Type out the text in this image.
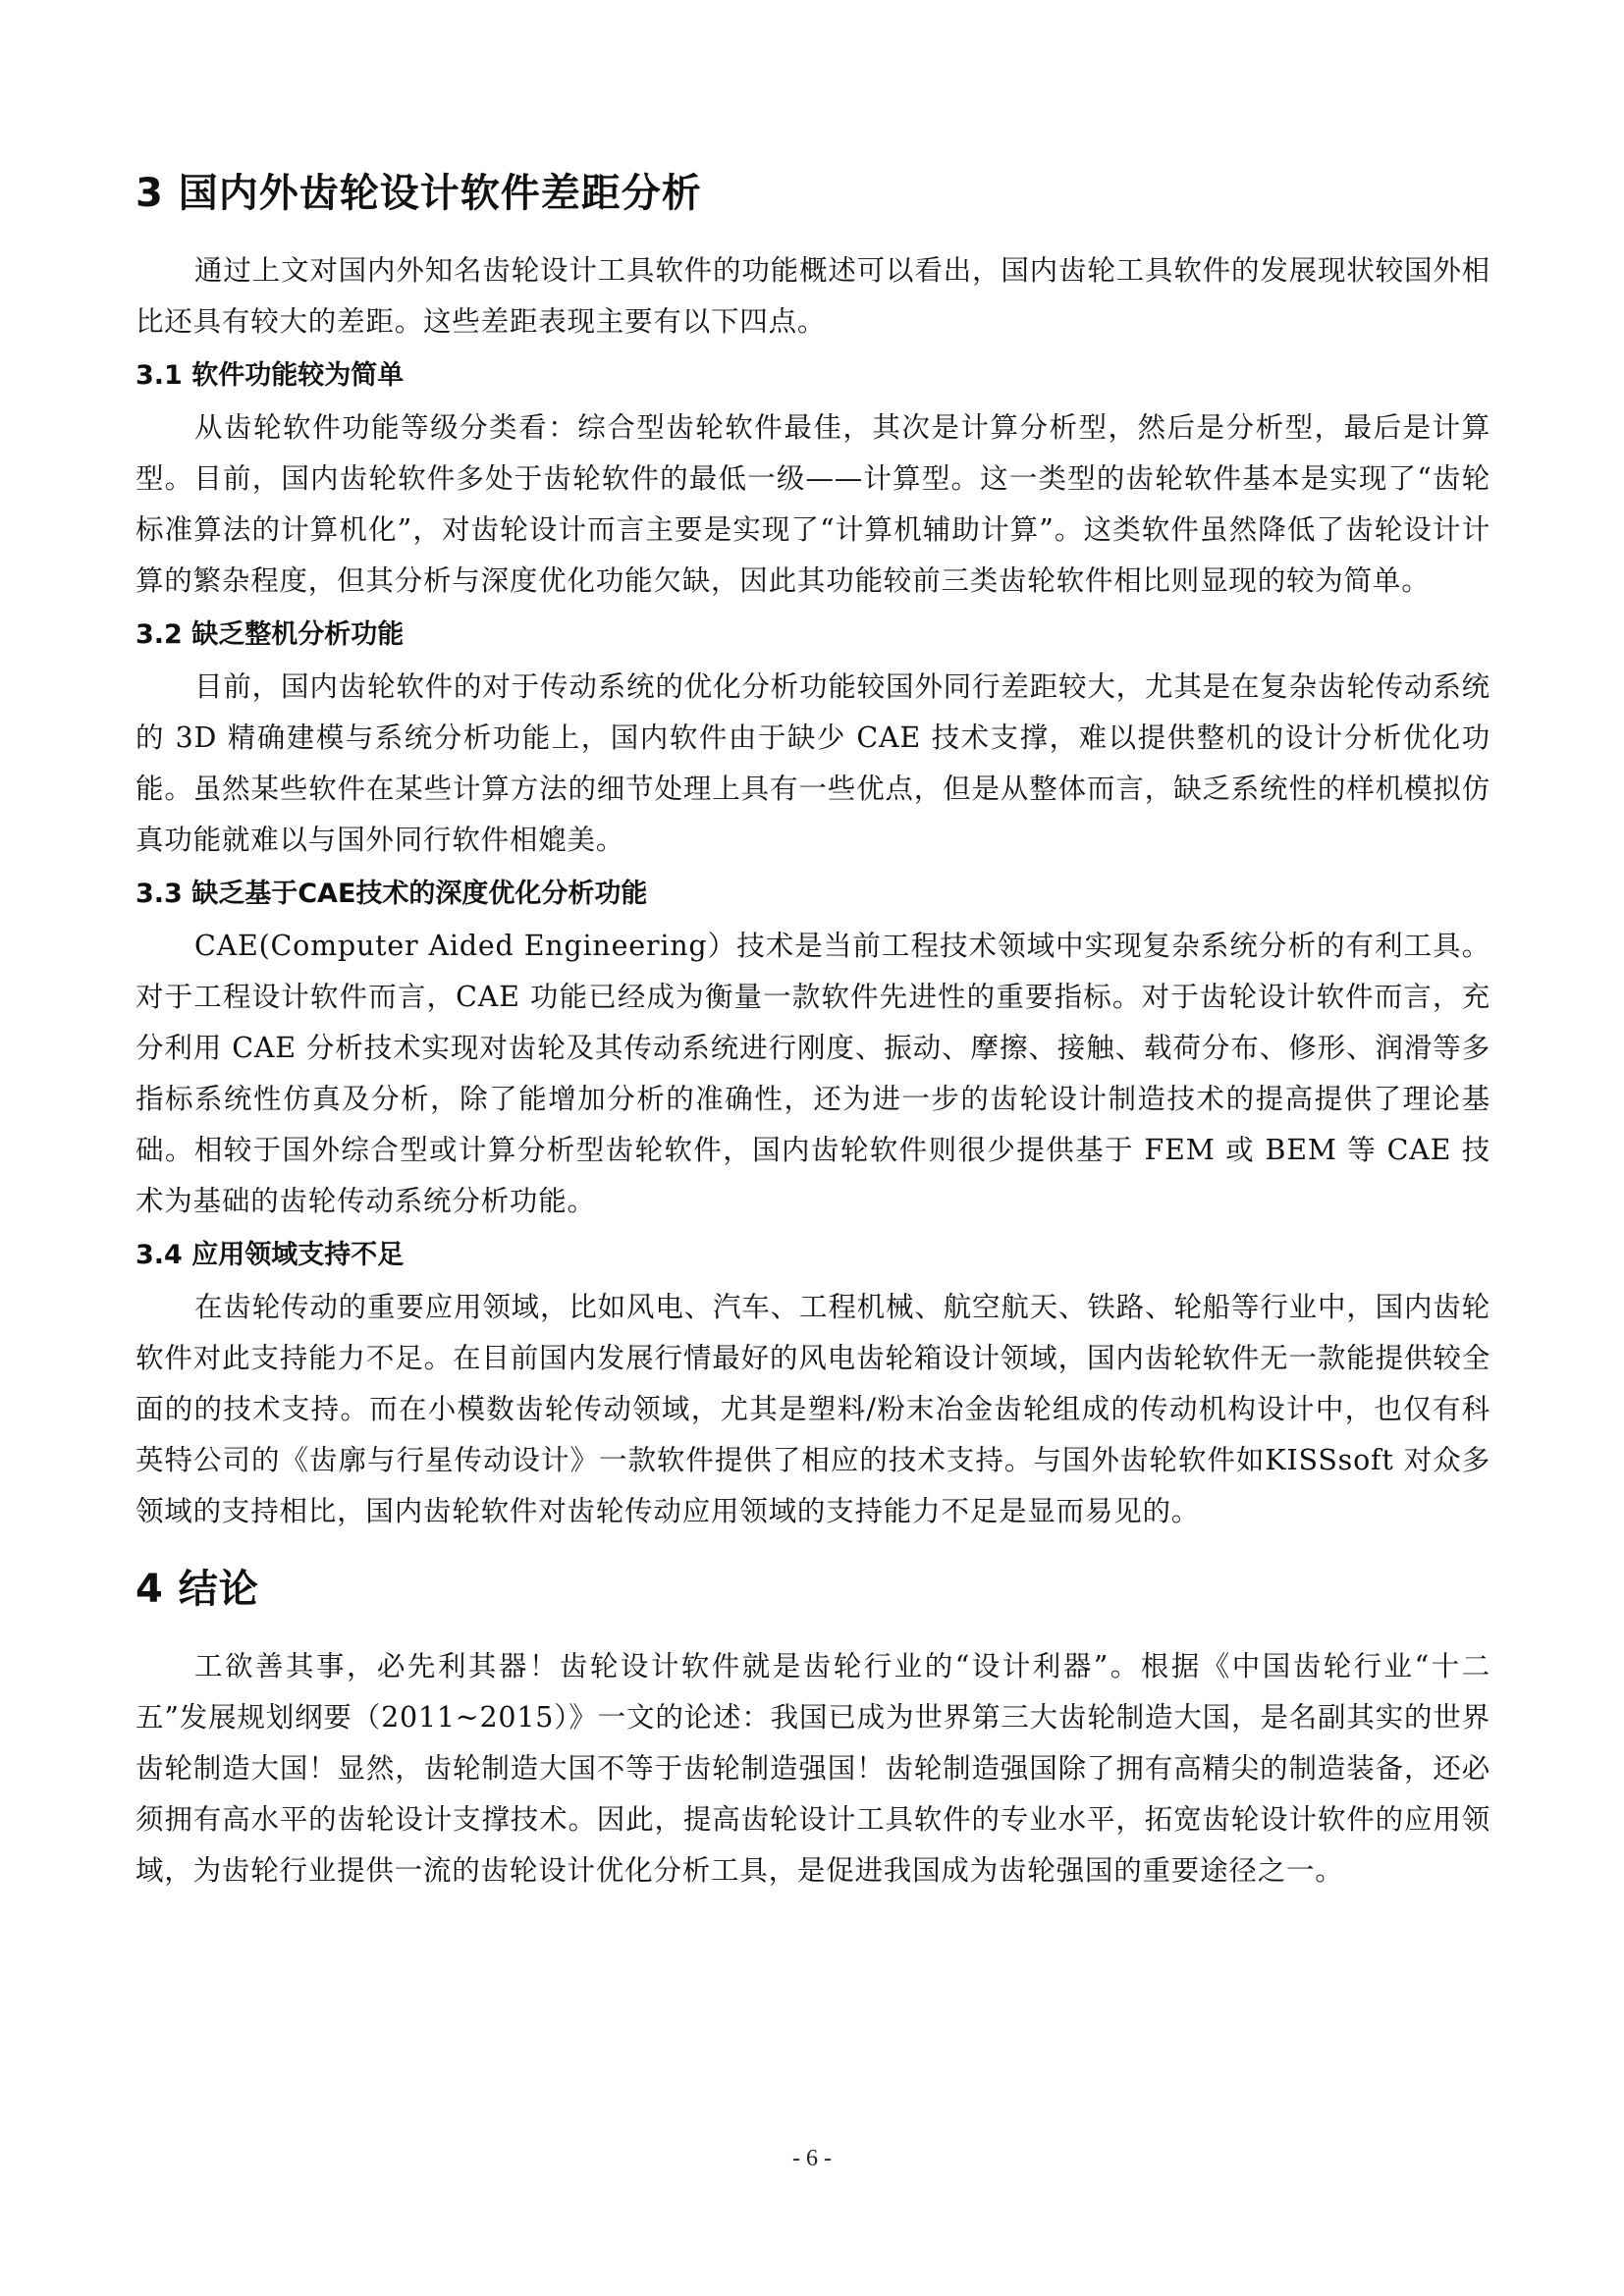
3 国内外齿轮设计软件差距分析

通过上文对国内外知名齿轮设计工具软件的功能概述可以看出，国内齿轮工具软件的发展现状较国外相比还具有较大的差距。这些差距表现主要有以下四点。

3.1 软件功能较为简单

从齿轮软件功能等级分类看：综合型齿轮软件最佳，其次是计算分析型，然后是分析型，最后是计算型。目前，国内齿轮软件多处于齿轮软件的最低一级——计算型。这一类型的齿轮软件基本是实现了“齿轮标准算法的计算机化”，对齿轮设计而言主要是实现了“计算机辅助计算”。这类软件虽然降低了齿轮设计计算的繁杂程度，但其分析与深度优化功能欠缺，因此其功能较前三类齿轮软件相比则显现的较为简单。

3.2 缺乏整机分析功能

目前，国内齿轮软件的对于传动系统的优化分析功能较国外同行差距较大，尤其是在复杂齿轮传动系统的 3D 精确建模与系统分析功能上，国内软件由于缺少 CAE 技术支撑，难以提供整机的设计分析优化功能。虽然某些软件在某些计算方法的细节处理上具有一些优点，但是从整体而言，缺乏系统性的样机模拟仿真功能就难以与国外同行软件相媲美。

3.3 缺乏基于CAE技术的深度优化分析功能

CAE(Computer Aided Engineering）技术是当前工程技术领域中实现复杂系统分析的有利工具。对于工程设计软件而言，CAE 功能已经成为衡量一款软件先进性的重要指标。对于齿轮设计软件而言，充分利用 CAE 分析技术实现对齿轮及其传动系统进行刚度、振动、摩擦、接触、载荷分布、修形、润滑等多指标系统性仿真及分析，除了能增加分析的准确性，还为进一步的齿轮设计制造技术的提高提供了理论基础。相较于国外综合型或计算分析型齿轮软件，国内齿轮软件则很少提供基于 FEM 或 BEM 等 CAE 技术为基础的齿轮传动系统分析功能。

3.4 应用领域支持不足

在齿轮传动的重要应用领域，比如风电、汽车、工程机械、航空航天、铁路、轮船等行业中，国内齿轮软件对此支持能力不足。在目前国内发展行情最好的风电齿轮箱设计领域，国内齿轮软件无一款能提供较全面的的技术支持。而在小模数齿轮传动领域，尤其是塑料/粉末冶金齿轮组成的传动机构设计中，也仅有科英特公司的《齿廓与行星传动设计》一款软件提供了相应的技术支持。与国外齿轮软件如KISSsoft 对众多领域的支持相比，国内齿轮软件对齿轮传动应用领域的支持能力不足是显而易见的。

4 结论

工欲善其事，必先利其器！齿轮设计软件就是齿轮行业的“设计利器”。根据《中国齿轮行业“十二五”发展规划纲要（2011~2015）》一文的论述：我国已成为世界第三大齿轮制造大国，是名副其实的世界齿轮制造大国！显然，齿轮制造大国不等于齿轮制造强国！齿轮制造强国除了拥有高精尖的制造装备，还必须拥有高水平的齿轮设计支撑技术。因此，提高齿轮设计工具软件的专业水平，拓宽齿轮设计软件的应用领域，为齿轮行业提供一流的齿轮设计优化分析工具，是促进我国成为齿轮强国的重要途径之一。

- 6 -
